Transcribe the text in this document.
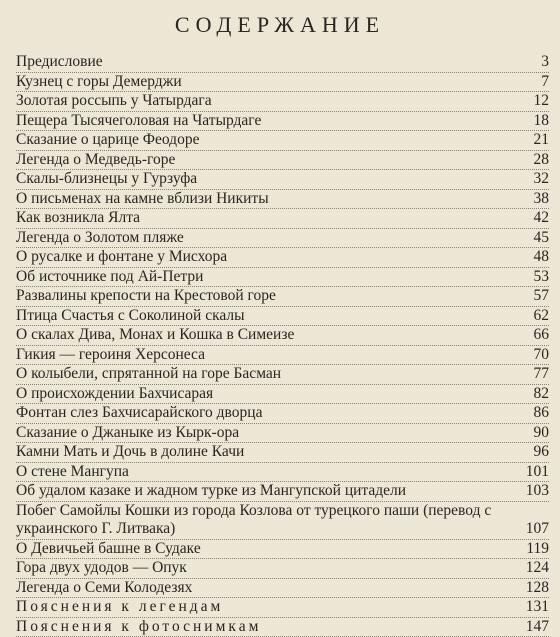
СОДЕРЖАНИЕ
Предисловие	3
Кузнец с горы Демерджи	7
Золотая россыпь у Чатырдага	12
Пещера Тысячеголовая на Чатырдаге	18
Сказание о царице Феодоре	21
Легенда о Медведь-горе	28
Скалы-близнецы у Гурзуфа	32
О письменах на камне вблизи Никиты	38
Как возникла Ялта	42
Легенда о Золотом пляже	45
О русалке и фонтане у Мисхора	48
Об источнике под Ай-Петри	53
Развалины крепости на Крестовой горе	57
Птица Счастья с Соколиной скалы	62
О скалах Дива, Монах и Кошка в Симеизе	66
Гикия — героиня Херсонеса	70
О колыбели, спрятанной на горе Басман	77
О происхождении Бахчисарая	82
Фонтан слез Бахчисарайского дворца	86
Сказание о Джаныке из Кырк-ора	90
Камни Мать и Дочь в долине Качи	96
О стене Мангупа	101
Об удалом казаке и жадном турке из Мангупской цитадели	103
Побег Самойлы Кошки из города Козлова от турецкого паши (перевод с украинского Г. Литвака)	107
О Девичьей башне в Судаке	119
Гора двух удодов — Опук	124
Легенда о Семи Колодезях	128
Пояснения к легендам	131
Пояснения к фотоснимкам	147
